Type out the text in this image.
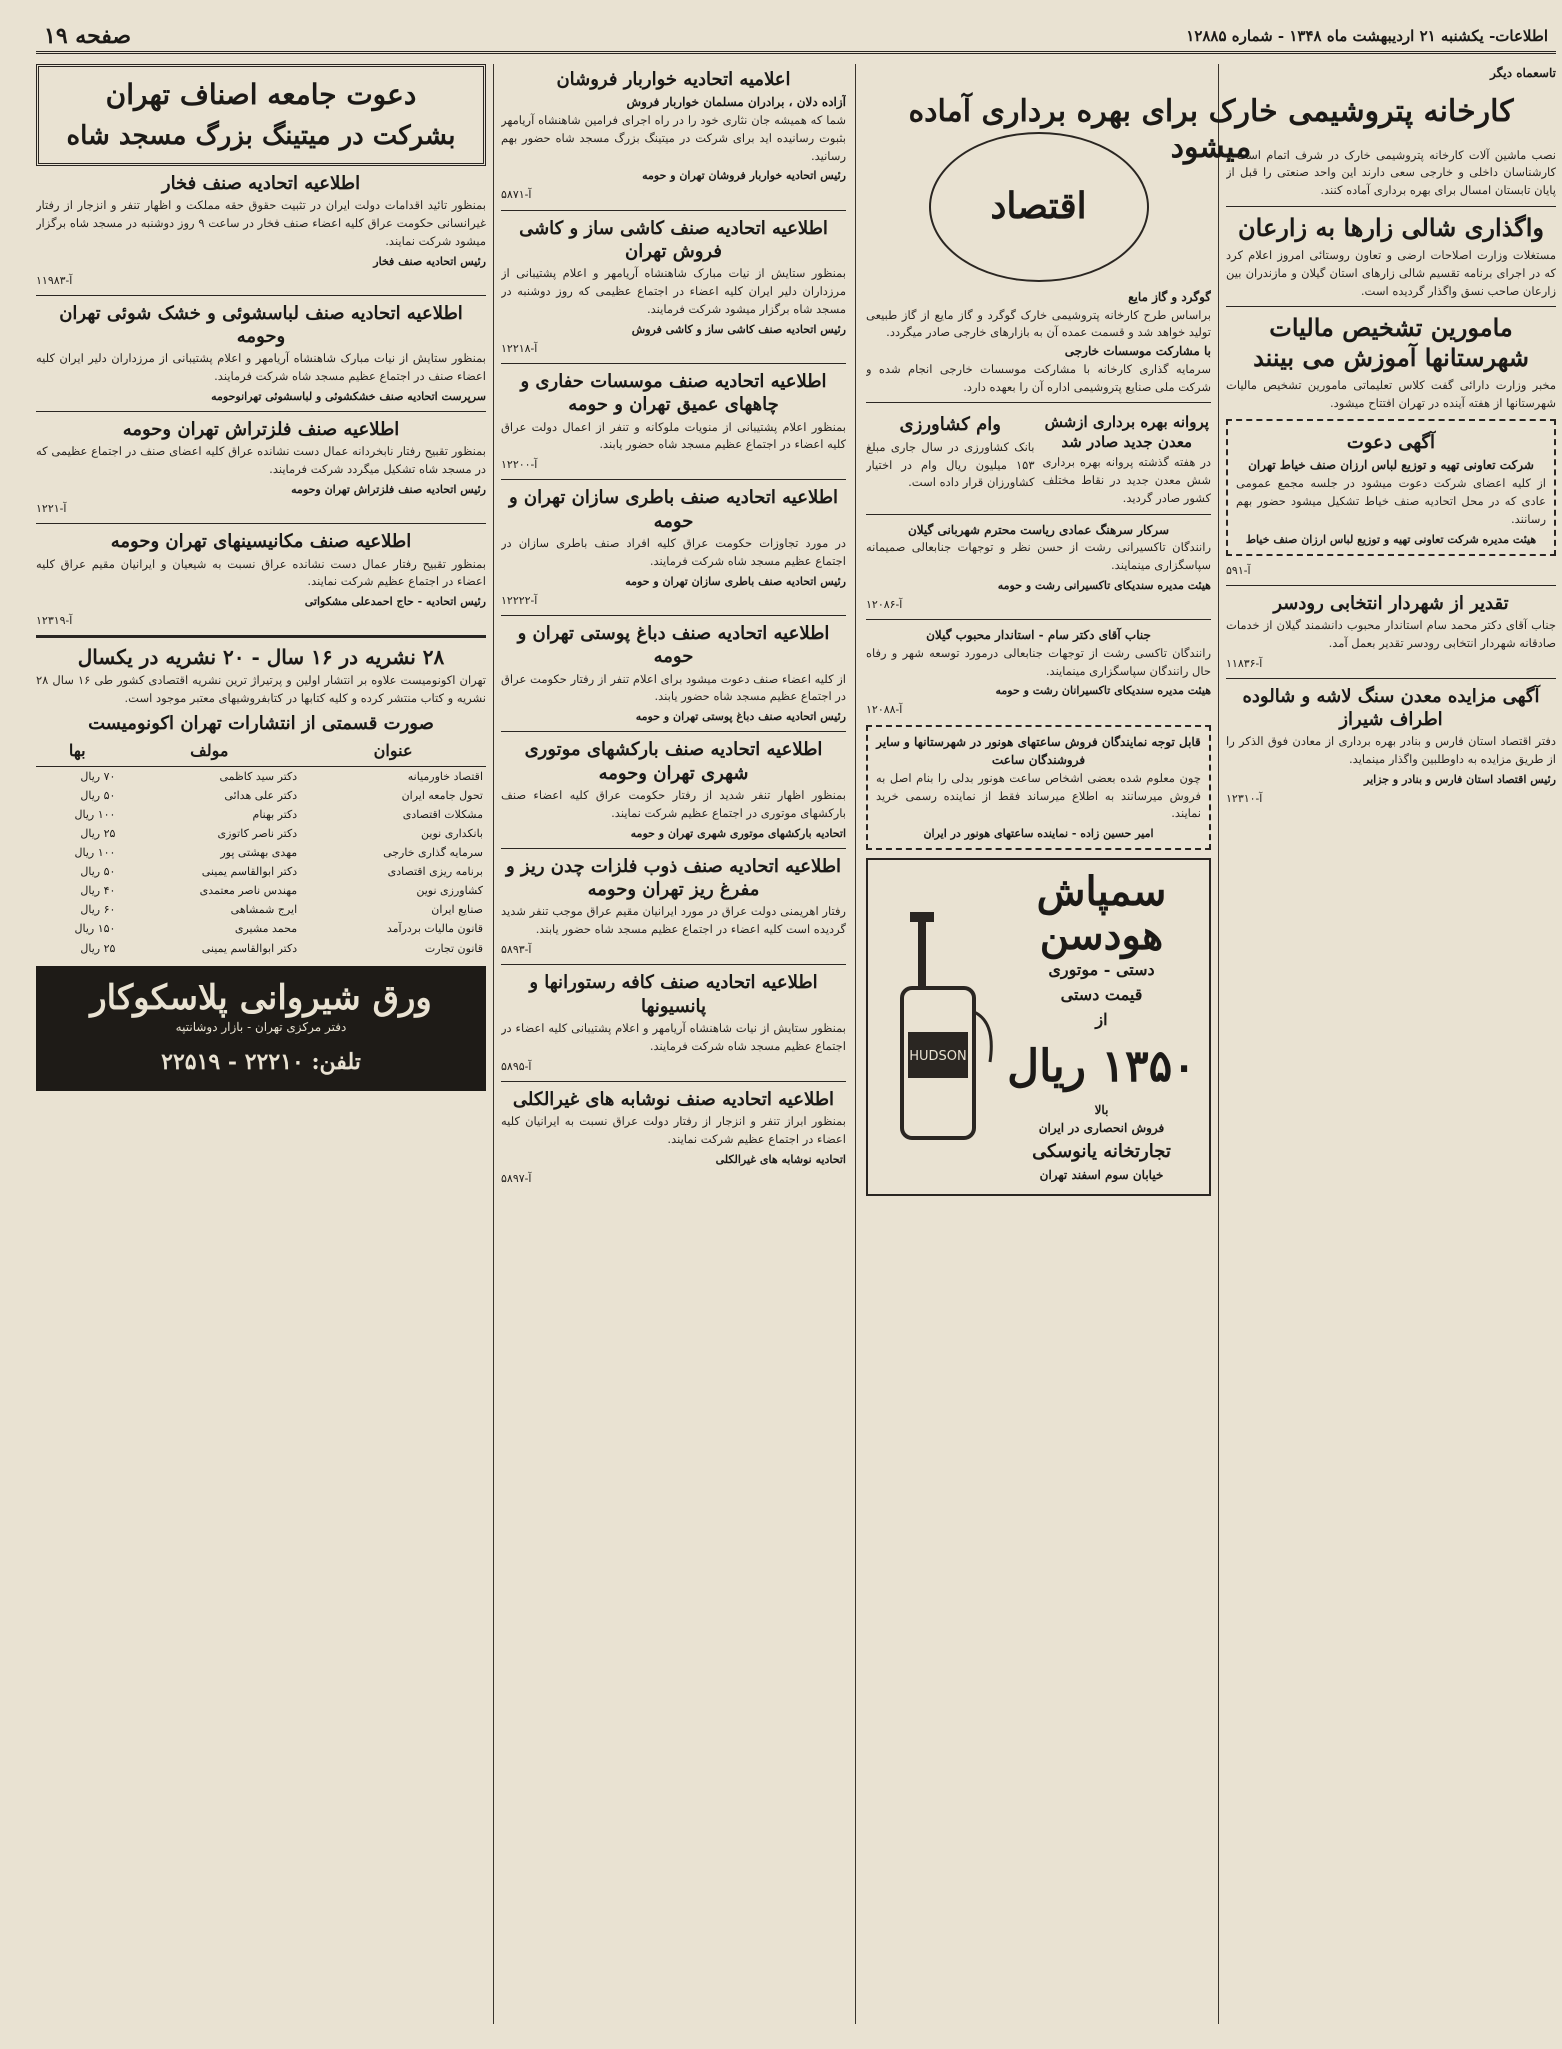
اطلاعات- یکشنبه ۲۱ اردیبهشت ماه ۱۳۴۸ - شماره ۱۲۸۸۵
صفحه ۱۹
تاسعماه دیگر
نصب ماشین آلات کارخانه پتروشیمی خارک در شرف اتمام است و کارشناسان داخلی و خارجی سعی دارند این واحد صنعتی را قبل از پایان تابستان امسال برای بهره برداری آماده کنند.
واگذاری شالی زارها به زارعان
مستغلات وزارت اصلاحات ارضی و تعاون روستائی امروز اعلام کرد که در اجرای برنامه تقسیم شالی زارهای استان گیلان و مازندران بین زارعان صاحب نسق واگذار گردیده است.
مامورین تشخیص مالیات شهرستانها آموزش می بینند
مخبر وزارت دارائی گفت کلاس تعلیماتی مامورین تشخیص مالیات شهرستانها از هفته آینده در تهران افتتاح میشود.
آگهی دعوت
شرکت تعاونی تهیه و توزیع لباس ارزان صنف خیاط تهران
از کلیه اعضای شرکت دعوت میشود در جلسه مجمع عمومی عادی که در محل اتحادیه صنف خیاط تشکیل میشود حضور بهم رسانند.
هیئت مدیره شرکت تعاونی تهیه و توزیع لباس ارزان صنف خیاط
آ-۵۹۱
تقدیر از شهردار انتخابی رودسر
جناب آقای دکتر محمد سام استاندار محبوب دانشمند گیلان از خدمات صادقانه شهردار انتخابی رودسر تقدیر بعمل آمد.
آ-۱۱۸۳۶
آگهی مزایده معدن سنگ لاشه و شالوده اطراف شیراز
دفتر اقتصاد استان فارس و بنادر بهره برداری از معادن فوق الذکر را از طریق مزایده به داوطلبین واگذار مینماید.
رئیس اقتصاد استان فارس و بنادر و جزایر
آ-۱۲۳۱۰
کارخانه پتروشیمی خارک برای بهره برداری آماده میشود
اقتصاد
گوگرد و گاز مایع
براساس طرح کارخانه پتروشیمی خارک گوگرد و گاز مایع از گاز طبیعی تولید خواهد شد و قسمت عمده آن به بازارهای خارجی صادر میگردد.
با مشارکت موسسات خارجی
سرمایه گذاری کارخانه با مشارکت موسسات خارجی انجام شده و شرکت ملی صنایع پتروشیمی اداره آن را بعهده دارد.
پروانه بهره برداری ازشش معدن جدید صادر شد
در هفته گذشته پروانه بهره برداری شش معدن جدید در نقاط مختلف کشور صادر گردید.
وام کشاورزی
بانک کشاورزی در سال جاری مبلغ ۱۵۳ میلیون ریال وام در اختیار کشاورزان قرار داده است.
سرکار سرهنگ عمادی ریاست محترم شهربانی گیلان
رانندگان تاکسیرانی رشت از حسن نظر و توجهات جنابعالی صمیمانه سپاسگزاری مینمایند.
هیئت مدیره سندیکای تاکسیرانی رشت و حومه
آ-۱۲۰۸۶
جناب آقای دکتر سام - استاندار محبوب گیلان
رانندگان تاکسی رشت از توجهات جنابعالی درمورد توسعه شهر و رفاه حال رانندگان سپاسگزاری مینمایند.
هیئت مدیره سندیکای تاکسیرانان رشت و حومه
آ-۱۲۰۸۸
قابل توجه نمایندگان فروش ساعتهای هونور در شهرستانها و سایر فروشندگان ساعت
چون معلوم شده بعضی اشخاص ساعت هونور بدلی را بنام اصل به فروش میرسانند به اطلاع میرساند فقط از نماینده رسمی خرید نمایند.
امیر حسین زاده - نماینده ساعتهای هونور در ایران
سمپاش
هودسن
دستی - موتوری
قیمت دستی
از
۱۳۵۰ ریال
بالا
فروش انحصاری در ایران
تجارتخانه یانوسکی
خیابان سوم اسفند تهران
HUDSON
اعلامیه اتحادیه خواربار فروشان
آزاده دلان ، برادران مسلمان خواربار فروش
شما که همیشه جان نثاری خود را در راه اجرای فرامین شاهنشاه آریامهر بثبوت رسانیده اید برای شرکت در میتینگ بزرگ مسجد شاه حضور بهم رسانید.
رئیس اتحادیه خواربار فروشان تهران و حومه
آ-۵۸۷۱
اطلاعیه اتحادیه صنف کاشی ساز و کاشی فروش تهران
بمنظور ستایش از نیات مبارک شاهنشاه آریامهر و اعلام پشتیبانی از مرزداران دلیر ایران کلیه اعضاء در اجتماع عظیمی که روز دوشنبه در مسجد شاه برگزار میشود شرکت فرمایند.
رئیس اتحادیه صنف کاشی ساز و کاشی فروش
آ-۱۲۲۱۸
اطلاعیه اتحادیه صنف موسسات حفاری و چاههای عمیق تهران و حومه
بمنظور اعلام پشتیبانی از منویات ملوکانه و تنفر از اعمال دولت عراق کلیه اعضاء در اجتماع عظیم مسجد شاه حضور یابند.
آ-۱۲۲۰۰
اطلاعیه اتحادیه صنف باطری سازان تهران و حومه
در مورد تجاوزات حکومت عراق کلیه افراد صنف باطری سازان در اجتماع عظیم مسجد شاه شرکت فرمایند.
رئیس اتحادیه صنف باطری سازان تهران و حومه
آ-۱۲۲۲۲
اطلاعیه اتحادیه صنف دباغ پوستی تهران و حومه
از کلیه اعضاء صنف دعوت میشود برای اعلام تنفر از رفتار حکومت عراق در اجتماع عظیم مسجد شاه حضور یابند.
رئیس اتحادیه صنف دباغ پوستی تهران و حومه
اطلاعیه اتحادیه صنف بارکشهای موتوری شهری تهران وحومه
بمنظور اظهار تنفر شدید از رفتار حکومت عراق کلیه اعضاء صنف بارکشهای موتوری در اجتماع عظیم شرکت نمایند.
اتحادیه بارکشهای موتوری شهری تهران و حومه
اطلاعیه اتحادیه صنف ذوب فلزات چدن ریز و مفرغ ریز تهران وحومه
رفتار اهریمنی دولت عراق در مورد ایرانیان مقیم عراق موجب تنفر شدید گردیده است کلیه اعضاء در اجتماع عظیم مسجد شاه حضور یابند.
آ-۵۸۹۳
اطلاعیه اتحادیه صنف کافه رستورانها و پانسیونها
بمنظور ستایش از نیات شاهنشاه آریامهر و اعلام پشتیبانی کلیه اعضاء در اجتماع عظیم مسجد شاه شرکت فرمایند.
آ-۵۸۹۵
اطلاعیه اتحادیه صنف نوشابه های غیرالکلی
بمنظور ابراز تنفر و انزجار از رفتار دولت عراق نسبت به ایرانیان کلیه اعضاء در اجتماع عظیم شرکت نمایند.
اتحادیه نوشابه های غیرالکلی
آ-۵۸۹۷
دعوت جامعه اصناف تهران
بشرکت در میتینگ بزرگ مسجد شاه
اطلاعیه اتحادیه صنف فخار
بمنظور تائید اقدامات دولت ایران در تثبیت حقوق حقه مملکت و اظهار تنفر و انزجار از رفتار غیرانسانی حکومت عراق کلیه اعضاء صنف فخار در ساعت ۹ روز دوشنبه در مسجد شاه برگزار میشود شرکت نمایند.
رئیس اتحادیه صنف فخار
آ-۱۱۹۸۳
اطلاعیه اتحادیه صنف لباسشوئی و خشک شوئی تهران وحومه
بمنظور ستایش از نیات مبارک شاهنشاه آریامهر و اعلام پشتیبانی از مرزداران دلیر ایران کلیه اعضاء صنف در اجتماع عظیم مسجد شاه شرکت فرمایند.
سرپرست اتحادیه صنف خشکشوئی و لباسشوئی تهرانوحومه
اطلاعیه صنف فلزتراش تهران وحومه
بمنظور تقبیح رفتار نابخردانه عمال دست نشانده عراق کلیه اعضای صنف در اجتماع عظیمی که در مسجد شاه تشکیل میگردد شرکت فرمایند.
رئیس اتحادیه صنف فلزتراش تهران وحومه
آ-۱۲۲۱
اطلاعیه صنف مکانیسینهای تهران وحومه
بمنظور تقبیح رفتار عمال دست نشانده عراق نسبت به شیعیان و ایرانیان مقیم عراق کلیه اعضاء در اجتماع عظیم شرکت نمایند.
رئیس اتحادیه - حاج احمدعلی مشکواتی
آ-۱۲۳۱۹
۲۸ نشریه در ۱۶ سال - ۲۰ نشریه در یکسال
تهران اکونومیست علاوه بر انتشار اولین و پرتیراژ ترین نشریه اقتصادی کشور طی ۱۶ سال ۲۸ نشریه و کتاب منتشر کرده و کلیه کتابها در کتابفروشیهای معتبر موجود است.
صورت قسمتی از انتشارات تهران اکونومیست
عنوان	مولف	بها
اقتصاد خاورمیانه	دکتر سید کاظمی	۷۰ ریال
تحول جامعه ایران	دکتر علی هدائی	۵۰ ریال
مشکلات اقتصادی	دکتر بهنام	۱۰۰ ریال
بانکداری نوین	دکتر ناصر کاتوزی	۲۵ ریال
سرمایه گذاری خارجی	مهدی بهشتی پور	۱۰۰ ریال
برنامه ریزی اقتصادی	دکتر ابوالقاسم یمینی	۵۰ ریال
کشاورزی نوین	مهندس ناصر معتمدی	۴۰ ریال
صنایع ایران	ایرج شمشاهی	۶۰ ریال
قانون مالیات بردرآمد	محمد مشیری	۱۵۰ ریال
قانون تجارت	دکتر ابوالقاسم یمینی	۲۵ ریال
ورق شیروانی پلاسکوکار
دفتر مرکزی تهران - بازار دوشانتپه
تلفن: ۲۲۲۱۰ - ۲۲۵۱۹
